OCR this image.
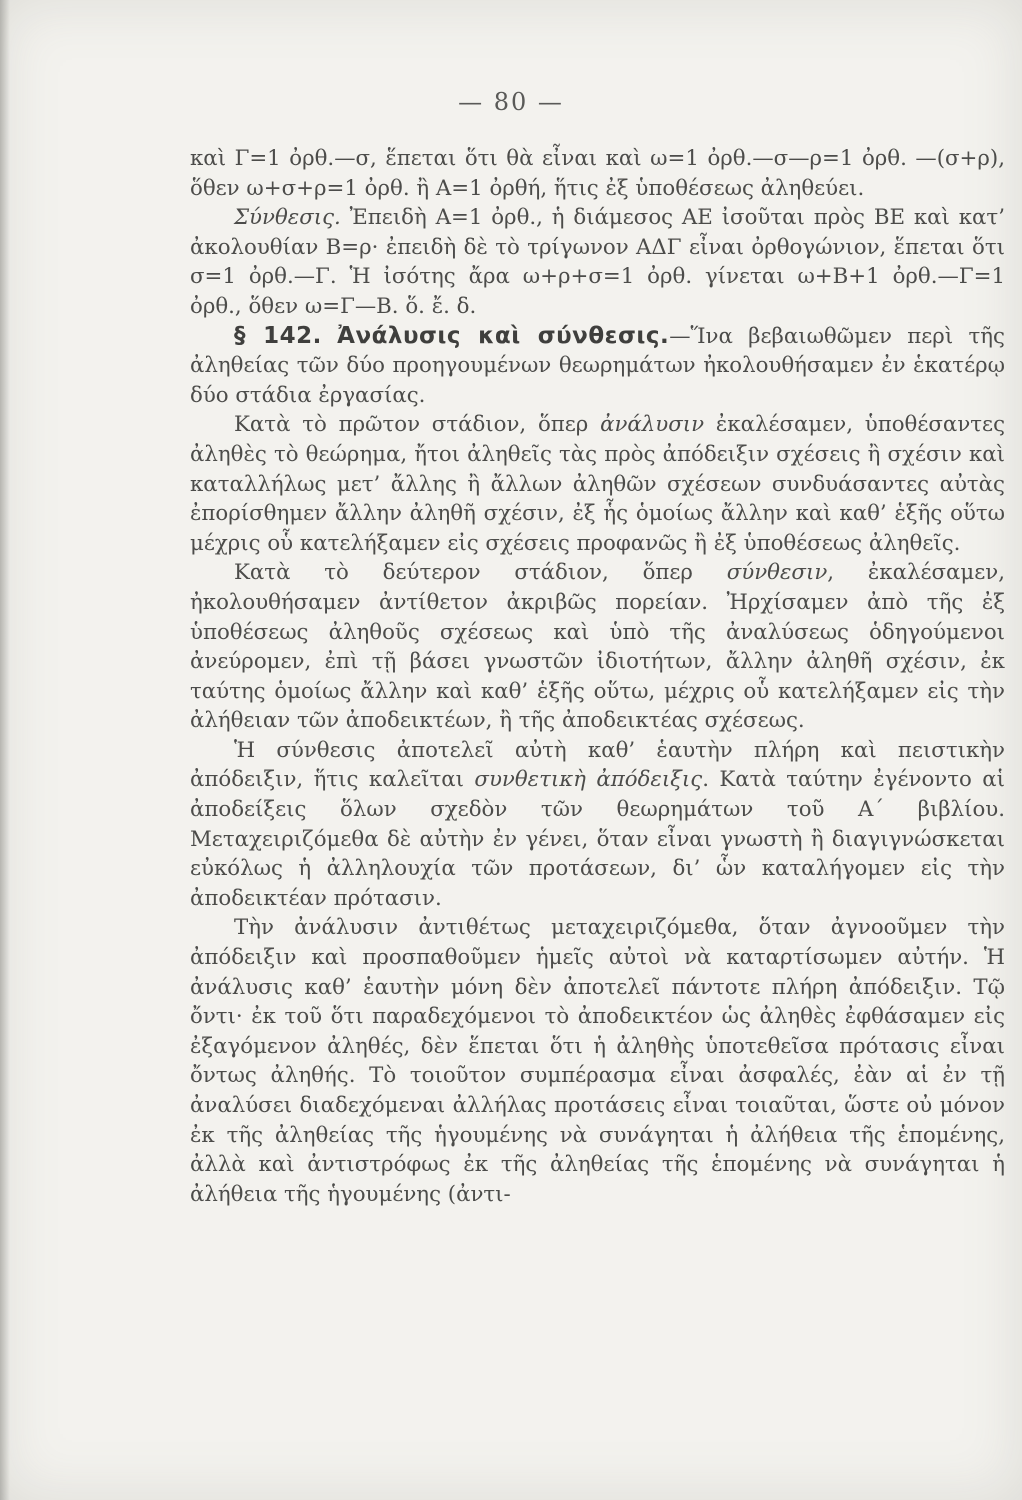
— 80 —

καὶ Γ=1 ὀρθ.—σ, ἕπεται ὅτι θὰ εἶναι καὶ ω=1 ὀρθ.—σ—ρ=1 ὀρθ. —(σ+ρ), ὅθεν ω+σ+ρ=1 ὀρθ. ἢ Α=1 ὀρθή, ἥτις ἐξ ὑποθέσεως ἀληθεύει.

Σύνθεσις. Ἐπειδὴ Α=1 ὀρθ., ἡ διάμεσος ΑΕ ἰσοῦται πρὸς ΒΕ καὶ κατ’ ἀκολουθίαν Β=ρ· ἐπειδὴ δὲ τὸ τρίγωνον ΑΔΓ εἶναι ὀρθογώνιον, ἕπεται ὅτι σ=1 ὀρθ.—Γ. Ἡ ἰσότης ἄρα ω+ρ+σ=1 ὀρθ. γίνεται ω+Β+1 ὀρθ.—Γ=1 ὀρθ., ὅθεν ω=Γ—Β. ὅ. ἔ. δ.

§ 142. Ἀνάλυσις καὶ σύνθεσις.—Ἵνα βεβαιωθῶμεν περὶ τῆς ἀληθείας τῶν δύο προηγουμένων θεωρημάτων ἠκολουθήσαμεν ἐν ἑκατέρῳ δύο στάδια ἐργασίας.

Κατὰ τὸ πρῶτον στάδιον, ὅπερ ἀνάλυσιν ἐκαλέσαμεν, ὑποθέσαντες ἀληθὲς τὸ θεώρημα, ἤτοι ἀληθεῖς τὰς πρὸς ἀπόδειξιν σχέσεις ἢ σχέσιν καὶ καταλλήλως μετ’ ἄλλης ἢ ἄλλων ἀληθῶν σχέσεων συνδυάσαντες αὐτὰς ἐπορίσθημεν ἄλλην ἀληθῆ σχέσιν, ἐξ ἧς ὁμοίως ἄλλην καὶ καθ’ ἑξῆς οὕτω μέχρις οὗ κατελήξαμεν εἰς σχέσεις προφανῶς ἢ ἐξ ὑποθέσεως ἀληθεῖς.

Κατὰ τὸ δεύτερον στάδιον, ὅπερ σύνθεσιν, ἐκαλέσαμεν, ἠκολουθήσαμεν ἀντίθετον ἀκριβῶς πορείαν. Ἠρχίσαμεν ἀπὸ τῆς ἐξ ὑποθέσεως ἀληθοῦς σχέσεως καὶ ὑπὸ τῆς ἀναλύσεως ὁδηγούμενοι ἀνεύρομεν, ἐπὶ τῇ βάσει γνωστῶν ἰδιοτήτων, ἄλλην ἀληθῆ σχέσιν, ἐκ ταύτης ὁμοίως ἄλλην καὶ καθ’ ἑξῆς οὕτω, μέχρις οὗ κατελήξαμεν εἰς τὴν ἀλήθειαν τῶν ἀποδεικτέων, ἢ τῆς ἀποδεικτέας σχέσεως.

Ἡ σύνθεσις ἀποτελεῖ αὐτὴ καθ’ ἑαυτὴν πλήρη καὶ πειστικὴν ἀπόδειξιν, ἥτις καλεῖται συνθετικὴ ἀπόδειξις. Κατὰ ταύτην ἐγένοντο αἱ ἀποδείξεις ὅλων σχεδὸν τῶν θεωρημάτων τοῦ Α΄ βιβλίου. Μεταχειριζόμεθα δὲ αὐτὴν ἐν γένει, ὅταν εἶναι γνωστὴ ἢ διαγιγνώσκεται εὐκόλως ἡ ἀλληλουχία τῶν προτάσεων, δι’ ὧν καταλήγομεν εἰς τὴν ἀποδεικτέαν πρότασιν.

Τὴν ἀνάλυσιν ἀντιθέτως μεταχειριζόμεθα, ὅταν ἀγνοοῦμεν τὴν ἀπόδειξιν καὶ προσπαθοῦμεν ἡμεῖς αὐτοὶ νὰ καταρτίσωμεν αὐτήν. Ἡ ἀνάλυσις καθ’ ἑαυτὴν μόνη δὲν ἀποτελεῖ πάντοτε πλήρη ἀπόδειξιν. Τῷ ὄντι· ἐκ τοῦ ὅτι παραδεχόμενοι τὸ ἀποδεικτέον ὡς ἀληθὲς ἐφθάσαμεν εἰς ἐξαγόμενον ἀληθές, δὲν ἕπεται ὅτι ἡ ἀληθὴς ὑποτεθεῖσα πρότασις εἶναι ὄντως ἀληθής. Τὸ τοιοῦτον συμπέρασμα εἶναι ἀσφαλές, ἐὰν αἱ ἐν τῇ ἀναλύσει διαδεχόμεναι ἀλλήλας προτάσεις εἶναι τοιαῦται, ὥστε οὐ μόνον ἐκ τῆς ἀληθείας τῆς ἡγουμένης νὰ συνάγηται ἡ ἀλήθεια τῆς ἑπομένης, ἀλλὰ καὶ ἀντιστρόφως ἐκ τῆς ἀληθείας τῆς ἑπομένης νὰ συνάγηται ἡ ἀλήθεια τῆς ἡγουμένης (ἀντι-
